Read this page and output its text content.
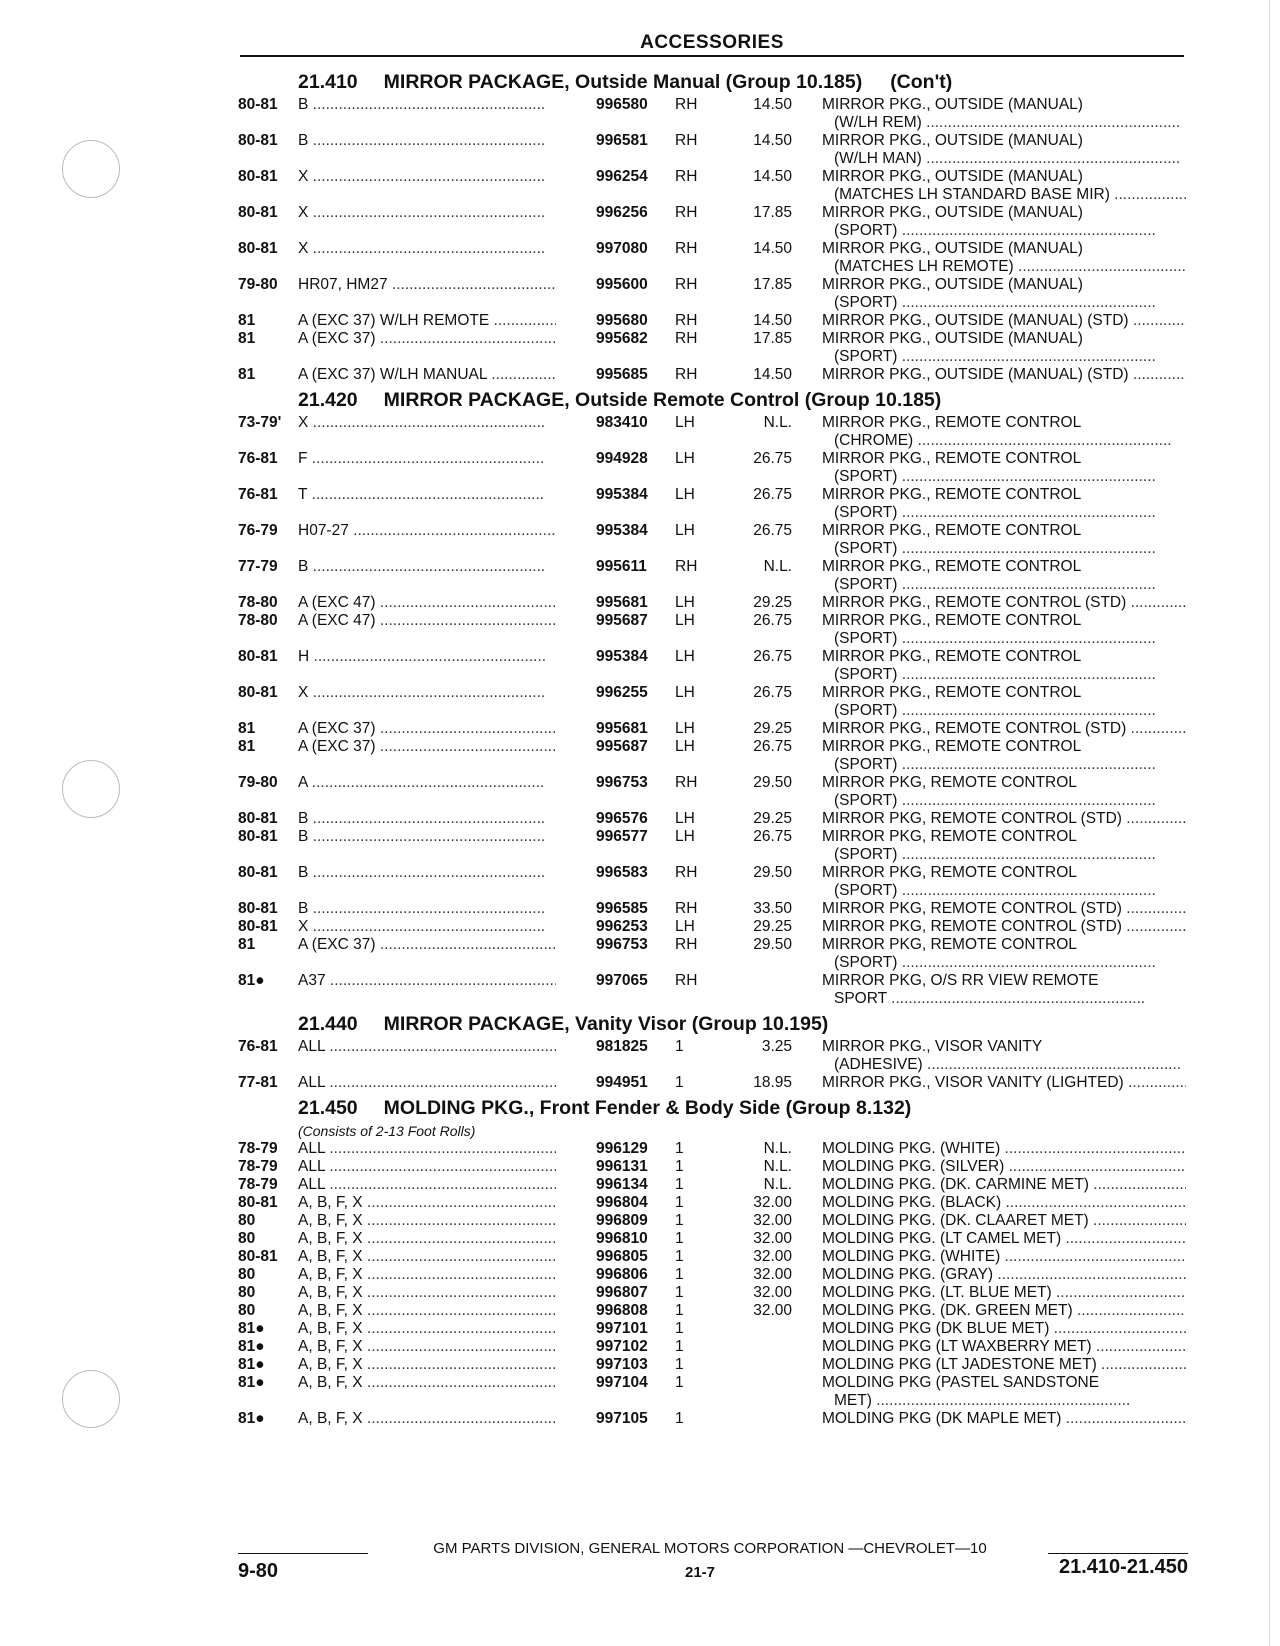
ACCESSORIES
21.410 MIRROR PACKAGE, Outside Manual (Group 10.185) (Con't)
80-81	B .....	996580	RH	14.50 MIRROR PKG., OUTSIDE (MANUAL)
(W/LH REM) .....
80-81	B .....	996581	RH	14.50 MIRROR PKG., OUTSIDE (MANUAL)
(W/LH MAN) .....
80-81	X .....	996254	RH	14.50 MIRROR PKG., OUTSIDE (MANUAL)
(MATCHES LH STANDARD BASE MIR) .....
80-81	X .....	996256	RH	17.85 MIRROR PKG., OUTSIDE (MANUAL)
(SPORT) .....
80-81	X .....	997080	RH	14.50 MIRROR PKG., OUTSIDE (MANUAL)
(MATCHES LH REMOTE) .....
79-80	HR07, HM27 .....	995600	RH	17.85 MIRROR PKG., OUTSIDE (MANUAL)
(SPORT) .....
81	A (EXC 37) W/LH REMOTE .....	995680	RH	14.50 MIRROR PKG., OUTSIDE (MANUAL) (STD) .....
81	A (EXC 37) .....	995682	RH	17.85 MIRROR PKG., OUTSIDE (MANUAL)
(SPORT) .....
81	A (EXC 37) W/LH MANUAL .....	995685	RH	14.50 MIRROR PKG., OUTSIDE (MANUAL) (STD) .....
21.420 MIRROR PACKAGE, Outside Remote Control (Group 10.185)
73-79'	X .....	983410	LH	N.L. MIRROR PKG., REMOTE CONTROL
(CHROME) .....
76-81	F .....	994928	LH	26.75 MIRROR PKG., REMOTE CONTROL
(SPORT) .....
76-81	T .....	995384	LH	26.75 MIRROR PKG., REMOTE CONTROL
(SPORT) .....
76-79	H07-27 .....	995384	LH	26.75 MIRROR PKG., REMOTE CONTROL
(SPORT) .....
77-79	B .....	995611	RH	N.L. MIRROR PKG., REMOTE CONTROL
(SPORT) .....
78-80	A (EXC 47) .....	995681	LH	29.25 MIRROR PKG., REMOTE CONTROL (STD) .....
78-80	A (EXC 47) .....	995687	LH	26.75 MIRROR PKG., REMOTE CONTROL
(SPORT) .....
80-81	H .....	995384	LH	26.75 MIRROR PKG., REMOTE CONTROL
(SPORT) .....
80-81	X .....	996255	LH	26.75 MIRROR PKG., REMOTE CONTROL
(SPORT) .....
81	A (EXC 37) .....	995681	LH	29.25 MIRROR PKG., REMOTE CONTROL (STD) .....
81	A (EXC 37) .....	995687	LH	26.75 MIRROR PKG., REMOTE CONTROL
(SPORT) .....
79-80	A .....	996753	RH	29.50 MIRROR PKG, REMOTE CONTROL
(SPORT) .....
80-81	B .....	996576	LH	29.25 MIRROR PKG, REMOTE CONTROL (STD) .....
80-81	B .....	996577	LH	26.75 MIRROR PKG, REMOTE CONTROL
(SPORT) .....
80-81	B .....	996583	RH	29.50 MIRROR PKG, REMOTE CONTROL
(SPORT) .....
80-81	B .....	996585	RH	33.50 MIRROR PKG, REMOTE CONTROL (STD) .....
80-81	X .....	996253	LH	29.25 MIRROR PKG, REMOTE CONTROL (STD) .....
81	A (EXC 37) .....	996753	RH	29.50 MIRROR PKG, REMOTE CONTROL
(SPORT) .....
81●	A37 .....	997065	RH	MIRROR PKG, O/S RR VIEW REMOTE
SPORT .....
21.440 MIRROR PACKAGE, Vanity Visor (Group 10.195)
76-81	ALL .....	981825	1	3.25 MIRROR PKG., VISOR VANITY
(ADHESIVE) .....
77-81	ALL .....	994951	1	18.95 MIRROR PKG., VISOR VANITY (LIGHTED) .....
21.450 MOLDING PKG., Front Fender & Body Side (Group 8.132)
(Consists of 2-13 Foot Rolls)
78-79	ALL .....	996129	1	N.L. MOLDING PKG. (WHITE) .....
78-79	ALL .....	996131	1	N.L. MOLDING PKG. (SILVER) .....
78-79	ALL .....	996134	1	N.L. MOLDING PKG. (DK. CARMINE MET) .....
80-81	A, B, F, X .....	996804	1	32.00 MOLDING PKG. (BLACK) .....
80	A, B, F, X .....	996809	1	32.00 MOLDING PKG. (DK. CLAARET MET) .....
80	A, B, F, X .....	996810	1	32.00 MOLDING PKG. (LT CAMEL MET) .....
80-81	A, B, F, X .....	996805	1	32.00 MOLDING PKG. (WHITE) .....
80	A, B, F, X .....	996806	1	32.00 MOLDING PKG. (GRAY) .....
80	A, B, F, X .....	996807	1	32.00 MOLDING PKG. (LT. BLUE MET) .....
80	A, B, F, X .....	996808	1	32.00 MOLDING PKG. (DK. GREEN MET) .....
81●	A, B, F, X .....	997101	1	MOLDING PKG (DK BLUE MET) .....
81●	A, B, F, X .....	997102	1	MOLDING PKG (LT WAXBERRY MET) .....
81●	A, B, F, X .....	997103	1	MOLDING PKG (LT JADESTONE MET) .....
81●	A, B, F, X .....	997104	1	MOLDING PKG (PASTEL SANDSTONE
MET) .....
81●	A, B, F, X .....	997105	1	MOLDING PKG (DK MAPLE MET) .....
GM PARTS DIVISION, GENERAL MOTORS CORPORATION —CHEVROLET—10
9-80	21-7	21.410-21.450
